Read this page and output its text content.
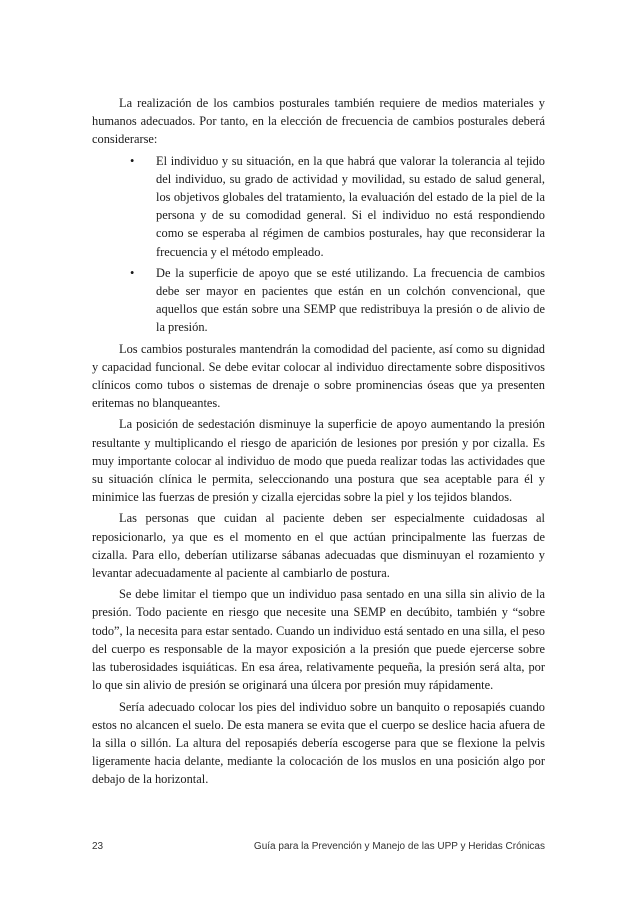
La realización de los cambios posturales también requiere de medios materiales y humanos adecuados. Por tanto, en la elección de frecuencia de cambios posturales deberá considerarse:

• El individuo y su situación, en la que habrá que valorar la tolerancia al tejido del individuo, su grado de actividad y movilidad, su estado de salud general, los objetivos globales del tratamiento, la evaluación del estado de la piel de la persona y de su comodidad general. Si el individuo no está respondiendo como se esperaba al régimen de cambios posturales, hay que reconsiderar la frecuencia y el método empleado.
• De la superficie de apoyo que se esté utilizando. La frecuencia de cambios debe ser mayor en pacientes que están en un colchón convencional, que aquellos que están sobre una SEMP que redistribuya la presión o de alivio de la presión.

Los cambios posturales mantendrán la comodidad del paciente, así como su dignidad y capacidad funcional. Se debe evitar colocar al individuo directamente sobre dispositivos clínicos como tubos o sistemas de drenaje o sobre prominencias óseas que ya presenten eritemas no blanqueantes.

La posición de sedestación disminuye la superficie de apoyo aumentando la presión resultante y multiplicando el riesgo de aparición de lesiones por presión y por cizalla. Es muy importante colocar al individuo de modo que pueda realizar todas las actividades que su situación clínica le permita, seleccionando una postura que sea aceptable para él y minimice las fuerzas de presión y cizalla ejercidas sobre la piel y los tejidos blandos.

Las personas que cuidan al paciente deben ser especialmente cuidadosas al reposicionarlo, ya que es el momento en el que actúan principalmente las fuerzas de cizalla. Para ello, deberían utilizarse sábanas adecuadas que disminuyan el rozamiento y levantar adecuadamente al paciente al cambiarlo de postura.

Se debe limitar el tiempo que un individuo pasa sentado en una silla sin alivio de la presión. Todo paciente en riesgo que necesite una SEMP en decúbito, también y “sobre todo”, la necesita para estar sentado. Cuando un individuo está sentado en una silla, el peso del cuerpo es responsable de la mayor exposición a la presión que puede ejercerse sobre las tuberosidades isquiáticas. En esa área, relativamente pequeña, la presión será alta, por lo que sin alivio de presión se originará una úlcera por presión muy rápidamente.

Sería adecuado colocar los pies del individuo sobre un banquito o reposapiés cuando estos no alcancen el suelo. De esta manera se evita que el cuerpo se deslice hacia afuera de la silla o sillón. La altura del reposapiés debería escogerse para que se flexione la pelvis ligeramente hacia delante, mediante la colocación de los muslos en una posición algo por debajo de la horizontal.

23	Guía para la Prevención y Manejo de las UPP y Heridas Crónicas
